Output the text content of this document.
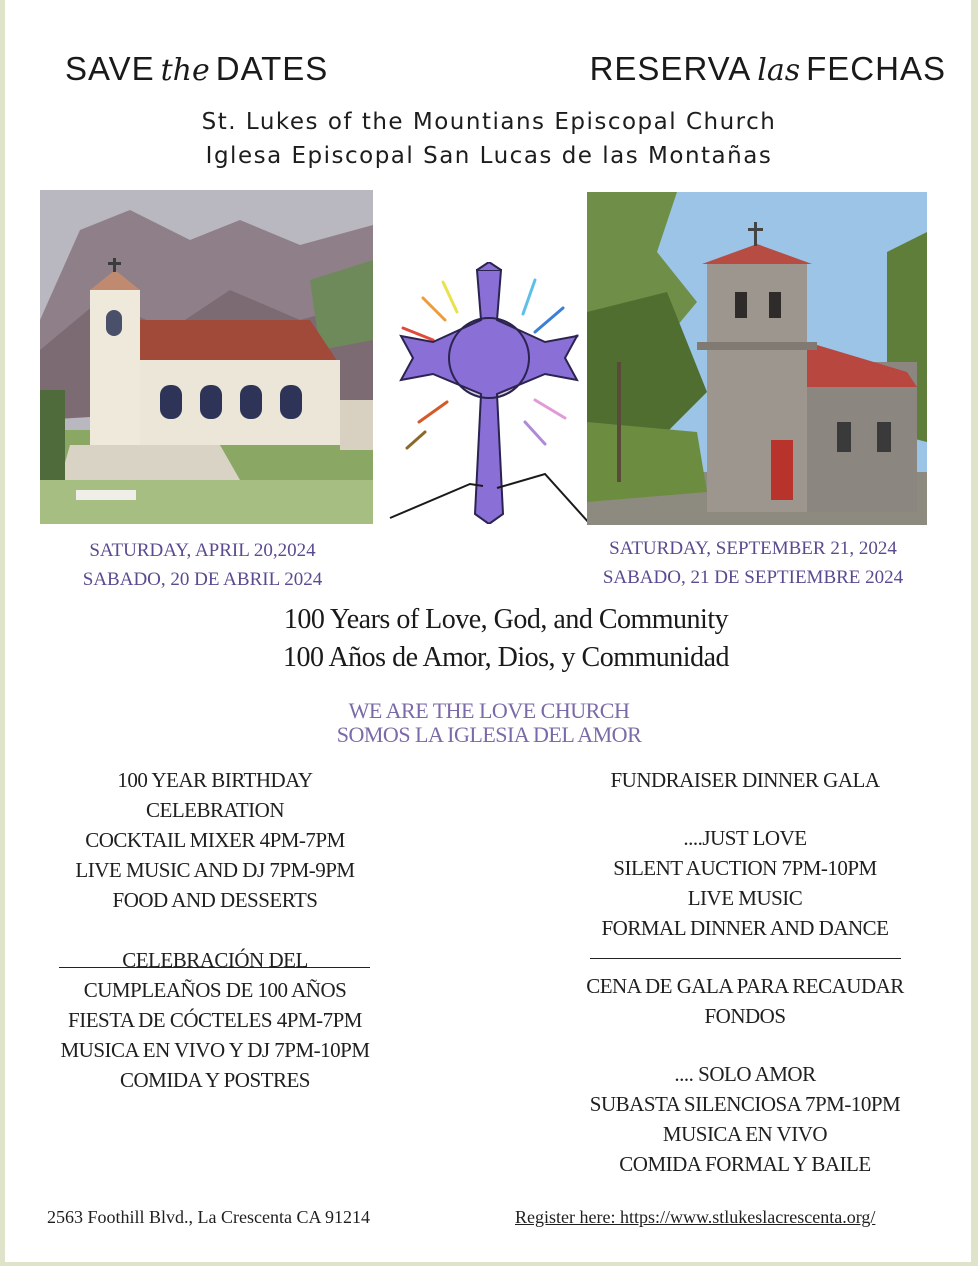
SAVE the DATES	RESERVA las FECHAS
St. Lukes of the Mountians Episcopal Church
Iglesa Episcopal San Lucas de las Montañas
SATURDAY, APRIL 20,2024
SABADO, 20 DE ABRIL 2024
SATURDAY, SEPTEMBER 21, 2024
SABADO, 21 DE SEPTIEMBRE 2024
100 Years of Love, God, and Community
100 Años de Amor, Dios, y Communidad
WE ARE THE LOVE CHURCH
SOMOS LA IGLESIA DEL AMOR
100 YEAR BIRTHDAY
CELEBRATION
COCKTAIL MIXER 4PM-7PM
LIVE MUSIC AND DJ 7PM-9PM
FOOD AND DESSERTS
CELEBRACIÓN DEL
CUMPLEAÑOS DE 100 AÑOS
FIESTA DE CÓCTELES 4PM-7PM
MUSICA EN VIVO Y DJ 7PM-10PM
COMIDA Y POSTRES
FUNDRAISER DINNER GALA
....JUST LOVE
SILENT AUCTION 7PM-10PM
LIVE MUSIC
FORMAL DINNER AND DANCE
CENA DE GALA PARA RECAUDAR
FONDOS
.... SOLO AMOR
SUBASTA SILENCIOSA 7PM-10PM
MUSICA EN VIVO
COMIDA FORMAL Y BAILE
2563 Foothill Blvd., La Crescenta CA 91214	Register here: https://www.stlukeslacrescenta.org/
